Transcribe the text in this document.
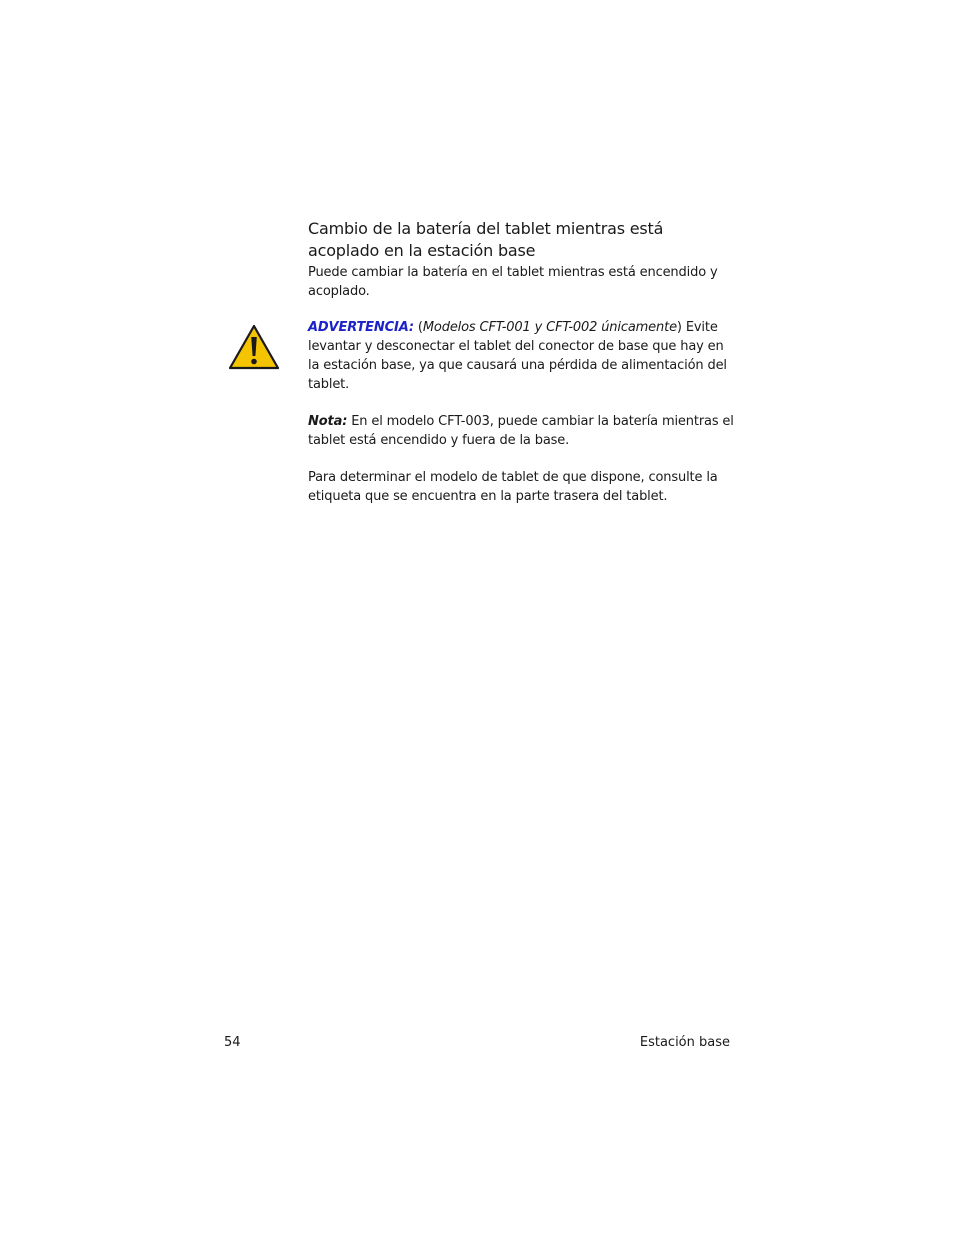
Cambio de la batería del tablet mientras está acoplado en la estación base

Puede cambiar la batería en el tablet mientras está encendido y acoplado.

ADVERTENCIA: (Modelos CFT-001 y CFT-002 únicamente) Evite levantar y desconectar el tablet del conector de base que hay en la estación base, ya que causará una pérdida de alimentación del tablet.

Nota: En el modelo CFT-003, puede cambiar la batería mientras el tablet está encendido y fuera de la base.

Para determinar el modelo de tablet de que dispone, consulte la etiqueta que se encuentra en la parte trasera del tablet.

54	Estación base
